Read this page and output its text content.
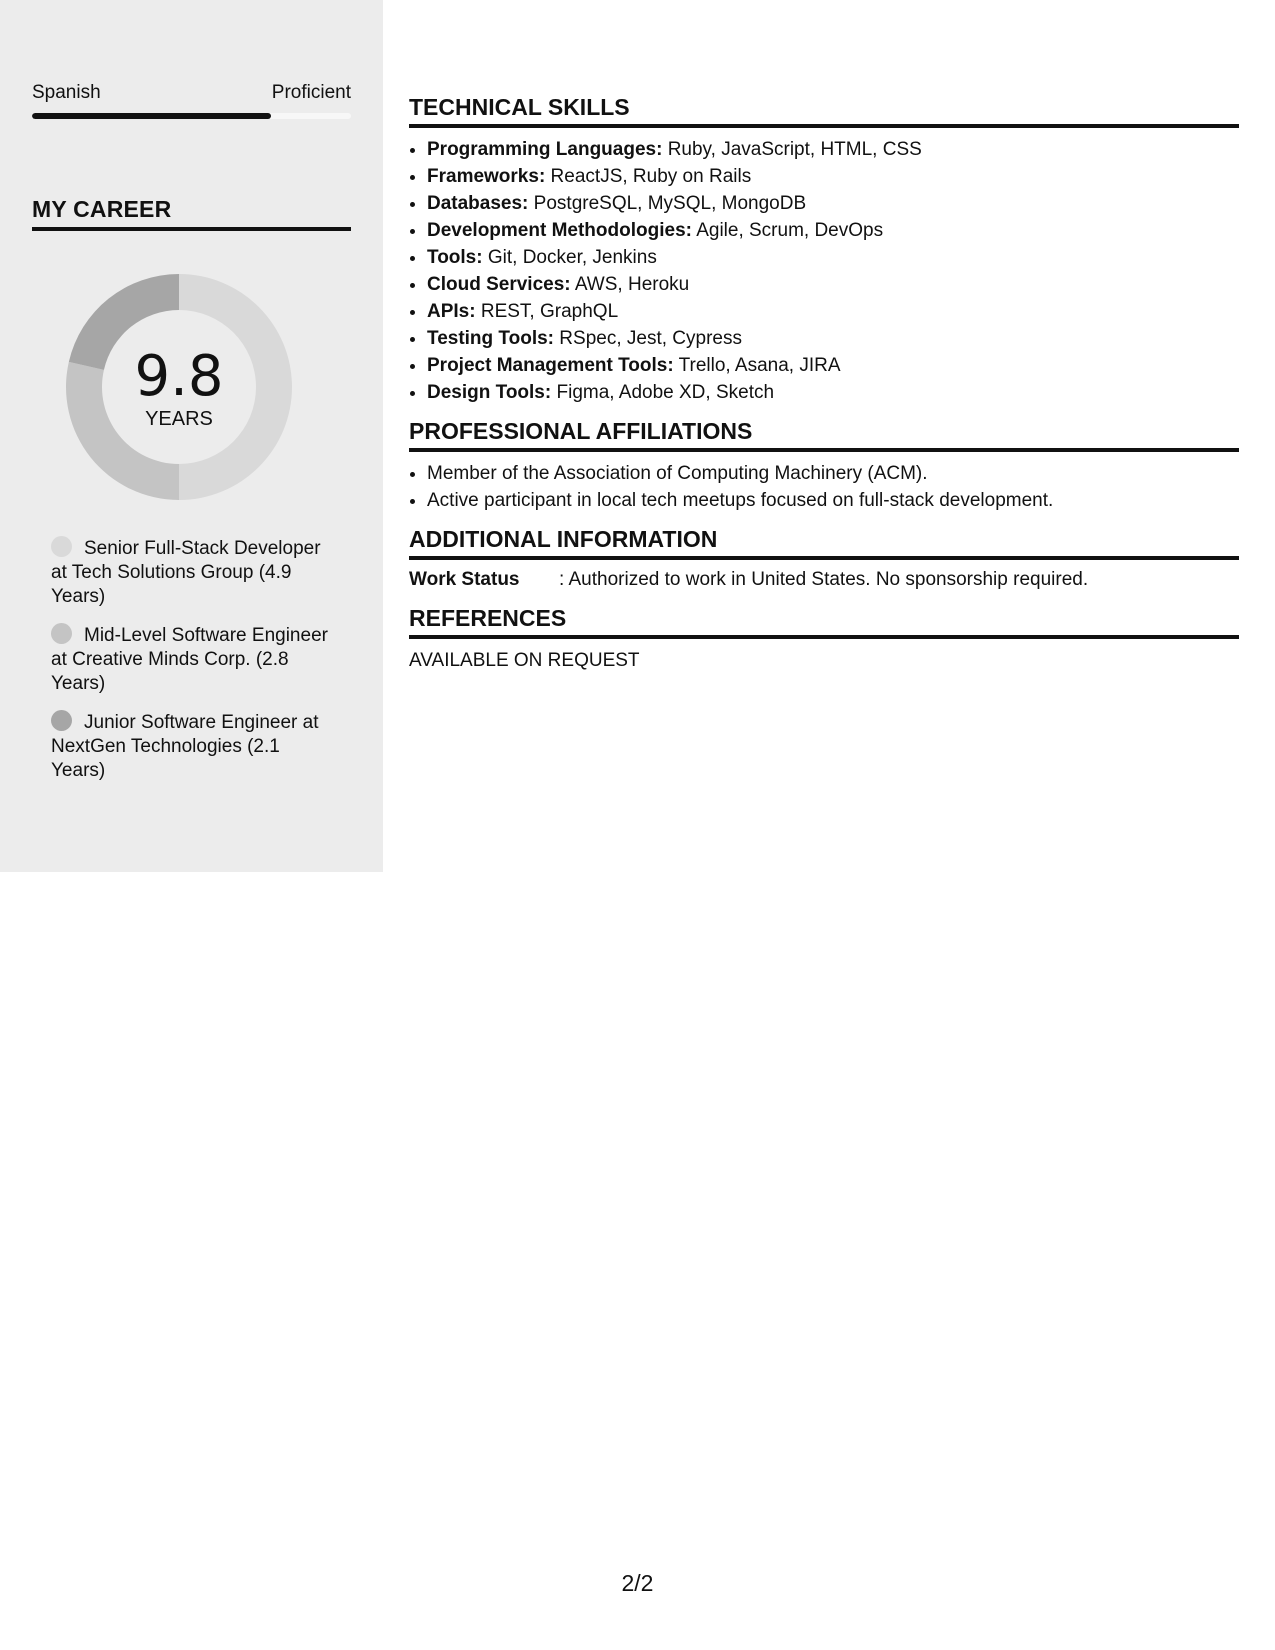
Spanish	Proficient
MY CAREER
9.8
YEARS
Senior Full-Stack Developer at Tech Solutions Group (4.9 Years)
Mid-Level Software Engineer at Creative Minds Corp. (2.8 Years)
Junior Software Engineer at NextGen Technologies (2.1 Years)
TECHNICAL SKILLS
• Programming Languages: Ruby, JavaScript, HTML, CSS
• Frameworks: ReactJS, Ruby on Rails
• Databases: PostgreSQL, MySQL, MongoDB
• Development Methodologies: Agile, Scrum, DevOps
• Tools: Git, Docker, Jenkins
• Cloud Services: AWS, Heroku
• APIs: REST, GraphQL
• Testing Tools: RSpec, Jest, Cypress
• Project Management Tools: Trello, Asana, JIRA
• Design Tools: Figma, Adobe XD, Sketch
PROFESSIONAL AFFILIATIONS
• Member of the Association of Computing Machinery (ACM).
• Active participant in local tech meetups focused on full-stack development.
ADDITIONAL INFORMATION
Work Status	: Authorized to work in United States. No sponsorship required.
REFERENCES
AVAILABLE ON REQUEST
2/2
